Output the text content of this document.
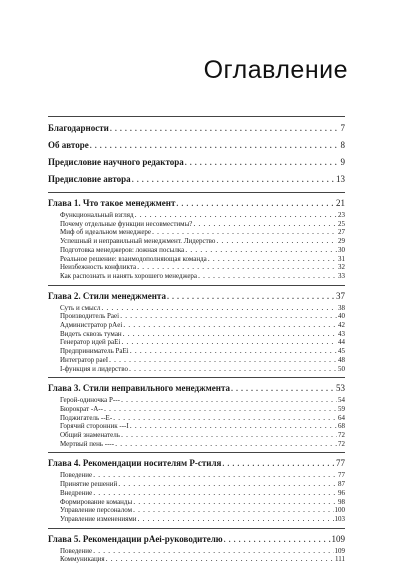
Оглавление
Благодарности . . .	7
Об авторе . . .	8
Предисловие научного редактора . . .	9
Предисловие автора . . .	13
Глава 1. Что такое менеджмент . . .	21
Функциональный взгляд . . .	23
Почему отдельные функции несовместимы? . . .	25
Миф об идеальном менеджере . . .	27
Успешный и неправильный менеджмент. Лидерство . . .	29
Подготовка менеджеров: ложная посылка . . .	30
Реальное решение: взаимодополняющая команда . . .	31
Неизбежность конфликта . . .	32
Как распознать и нанять хорошего менеджера . . .	33
Глава 2. Стили менеджмента . . .	37
Суть и смысл . . .	38
Производитель Paei . . .	40
Администратор pAei . . .	42
Видеть сквозь туман . . .	43
Генератор идей paEi . . .	44
Предприниматель PaEi . . .	45
Интегратор paeI . . .	48
I-функция и лидерство . . .	50
Глава 3. Стили неправильного менеджмента . . .	53
Герой-одиночка P--- . . .	54
Бюрократ -A-- . . .	59
Поджигатель --E- . . .	64
Горячий сторонник ---I . . .	68
Общий знаменатель . . .	72
Мертвый пень ---- . . .	72
Глава 4. Рекомендации носителям P-стиля . . .	77
Поведение . . .	77
Принятие решений . . .	87
Внедрение . . .	96
Формирование команды . . .	98
Управление персоналом . . .	100
Управление изменениями . . .	103
Глава 5. Рекомендации pAei-руководителю . . .	109
Поведение . . .	109
Коммуникация . . .	111
